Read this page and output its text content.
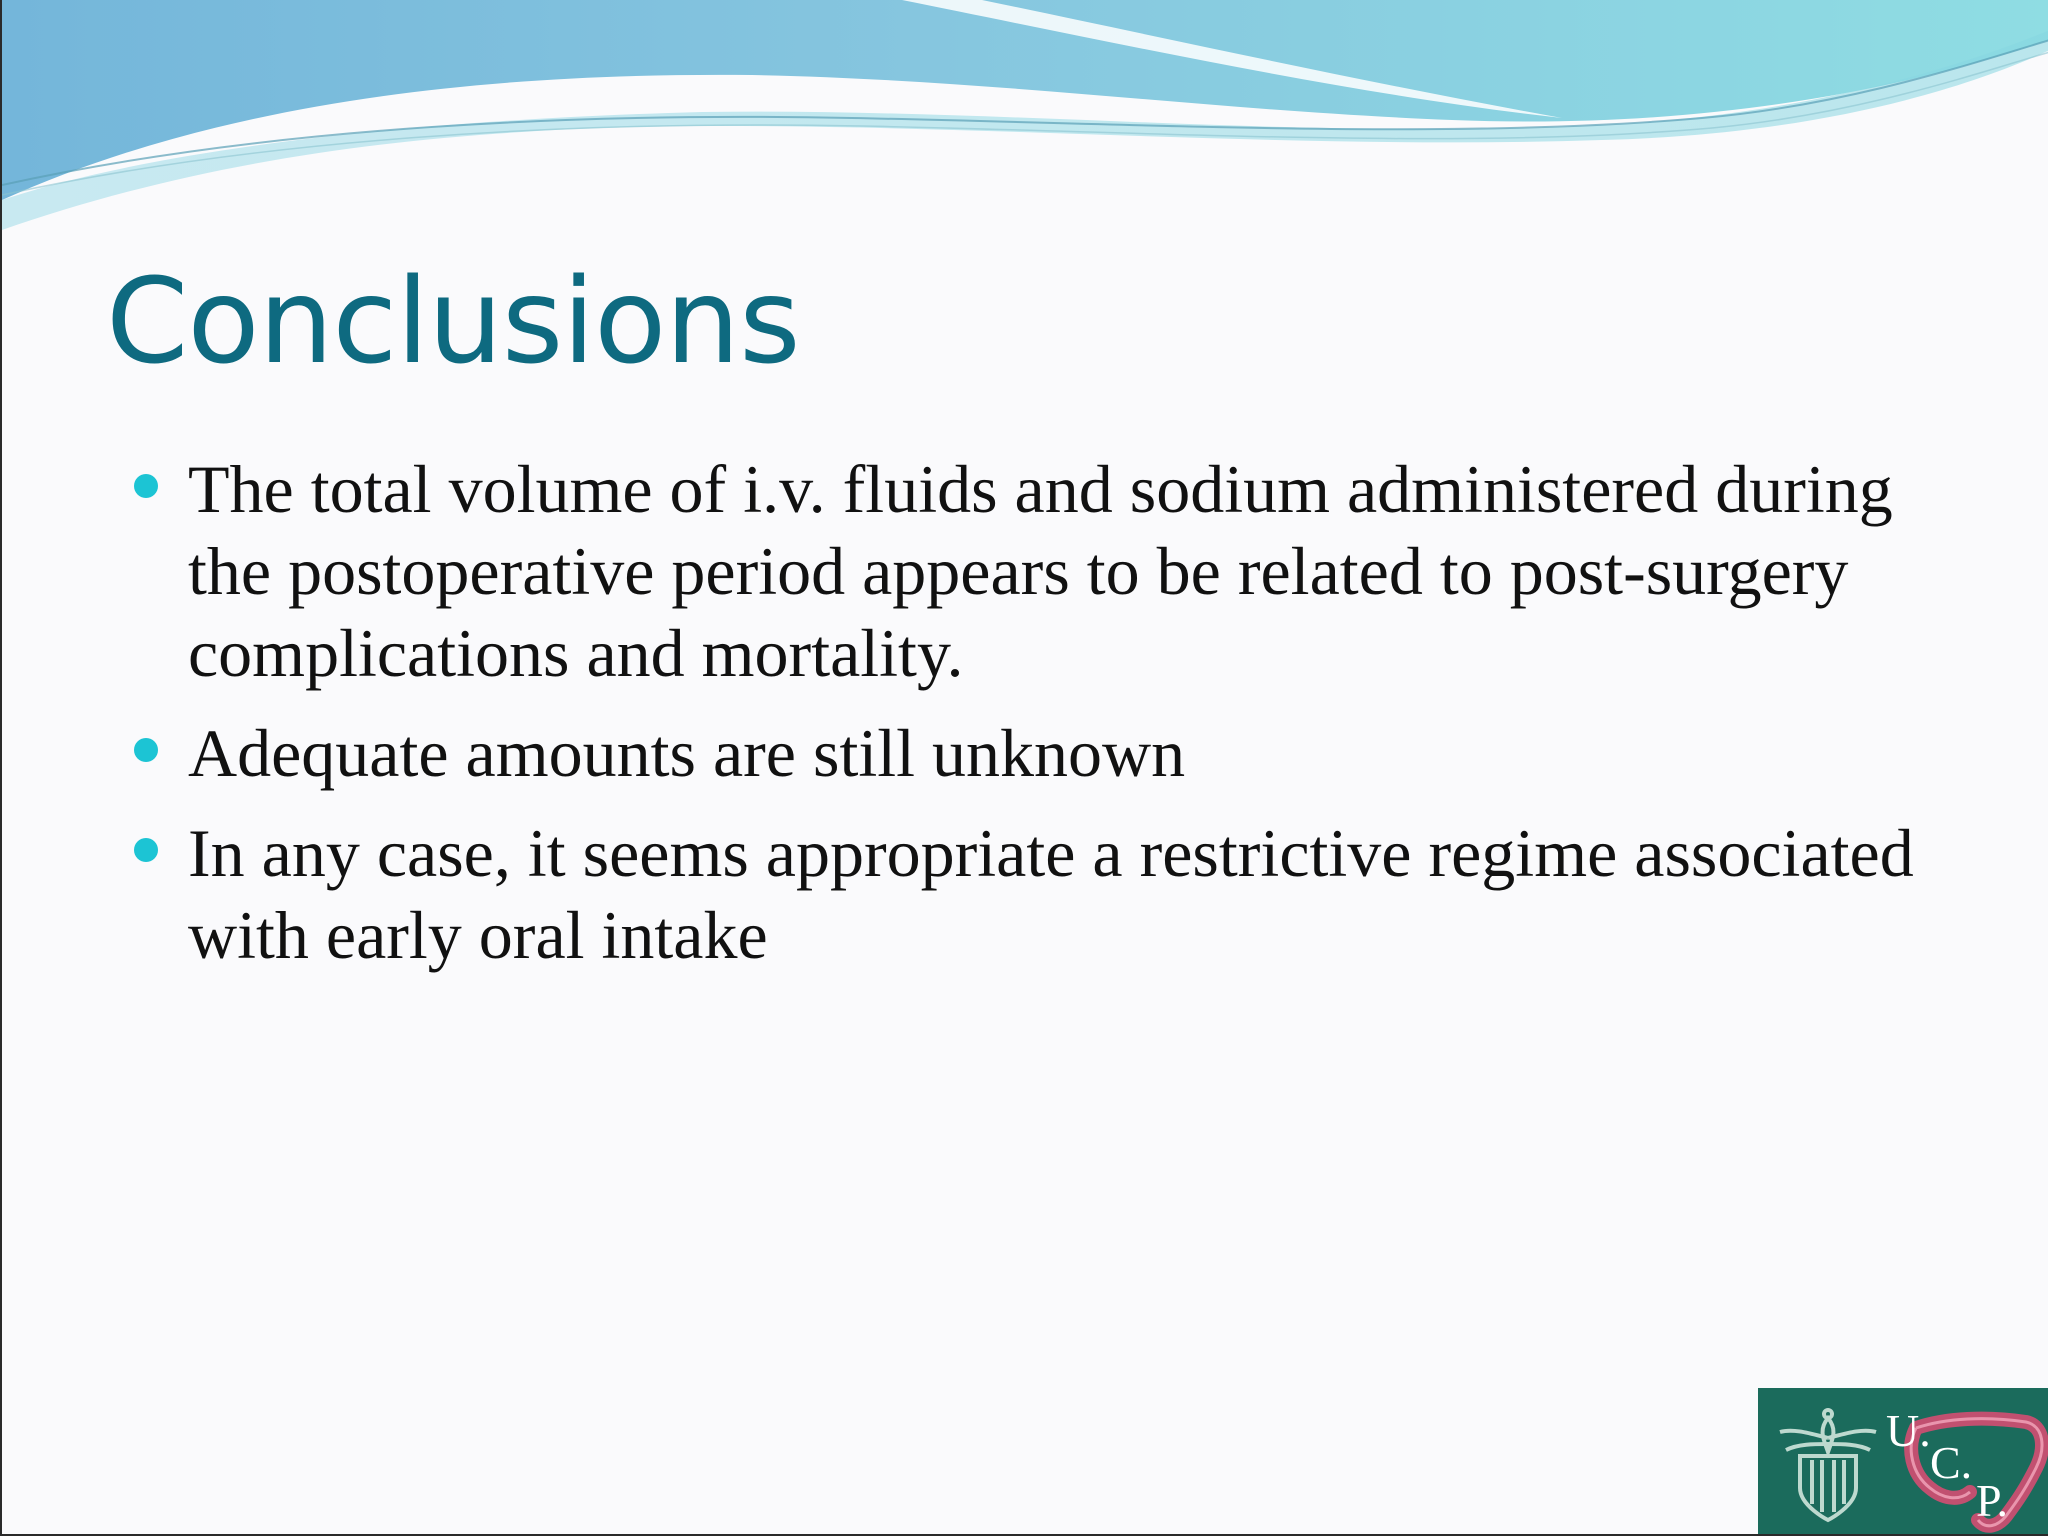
Conclusions
The total volume of i.v. fluids and sodium administered during the postoperative period appears to be related to post-surgery complications and mortality.
Adequate amounts are still unknown
In any case, it seems appropriate a restrictive regime associated with early oral intake
U.
C.
P.
